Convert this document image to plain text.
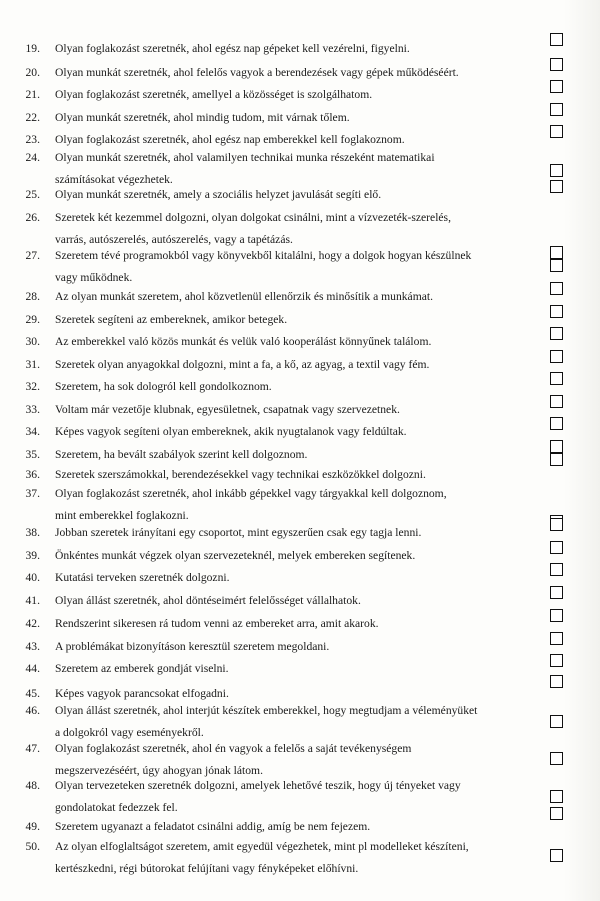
19. Olyan foglakozást szeretnék, ahol egész nap gépeket kell vezérelni, figyelni.
20. Olyan munkát szeretnék, ahol felelős vagyok a berendezések vagy gépek működéséért.
21. Olyan foglakozást szeretnék, amellyel a közösséget is szolgálhatom.
22. Olyan munkát szeretnék, ahol mindig tudom, mit várnak tőlem.
23. Olyan foglakozást szeretnék, ahol egész nap emberekkel kell foglakoznom.
24. Olyan munkát szeretnék, ahol valamilyen technikai munka részeként matematikai
számításokat végezhetek.
25. Olyan munkát szeretnék, amely a szociális helyzet javulását segíti elő.
26. Szeretek két kezemmel dolgozni, olyan dolgokat csinálni, mint a vízvezeték-szerelés,
varrás, autószerelés, autószerelés, vagy a tapétázás.
27. Szeretem tévé programokból vagy könyvekből kitalálni, hogy a dolgok hogyan készülnek
vagy működnek.
28. Az olyan munkát szeretem, ahol közvetlenül ellenőrzik és minősítik a munkámat.
29. Szeretek segíteni az embereknek, amikor betegek.
30. Az emberekkel való közös munkát és velük való kooperálást könnyűnek találom.
31. Szeretek olyan anyagokkal dolgozni, mint a fa, a kő, az agyag, a textil vagy fém.
32. Szeretem, ha sok dologról kell gondolkoznom.
33. Voltam már vezetője klubnak, egyesületnek, csapatnak vagy szervezetnek.
34. Képes vagyok segíteni olyan embereknek, akik nyugtalanok vagy feldúltak.
35. Szeretem, ha bevált szabályok szerint kell dolgoznom.
36. Szeretek szerszámokkal, berendezésekkel vagy technikai eszközökkel dolgozni.
37. Olyan foglakozást szeretnék, ahol inkább gépekkel vagy tárgyakkal kell dolgoznom,
mint emberekkel foglakozni.
38. Jobban szeretek irányítani egy csoportot, mint egyszerűen csak egy tagja lenni.
39. Önkéntes munkát végzek olyan szervezeteknél, melyek embereken segítenek.
40. Kutatási terveken szeretnék dolgozni.
41. Olyan állást szeretnék, ahol döntéseimért felelősséget vállalhatok.
42. Rendszerint sikeresen rá tudom venni az embereket arra, amit akarok.
43. A problémákat bizonyításon keresztül szeretem megoldani.
44. Szeretem az emberek gondját viselni.
45. Képes vagyok parancsokat elfogadni.
46. Olyan állást szeretnék, ahol interjút készítek emberekkel, hogy megtudjam a véleményüket
a dolgokról vagy eseményekről.
47. Olyan foglakozást szeretnék, ahol én vagyok a felelős a saját tevékenységem
megszervezéséért, úgy ahogyan jónak látom.
48. Olyan tervezeteken szeretnék dolgozni, amelyek lehetővé teszik, hogy új tényeket vagy
gondolatokat fedezzek fel.
49. Szeretem ugyanazt a feladatot csinálni addig, amíg be nem fejezem.
50. Az olyan elfoglaltságot szeretem, amit egyedül végezhetek, mint pl modelleket készíteni,
kertészkedni, régi bútorokat felújítani vagy fényképeket előhívni.
